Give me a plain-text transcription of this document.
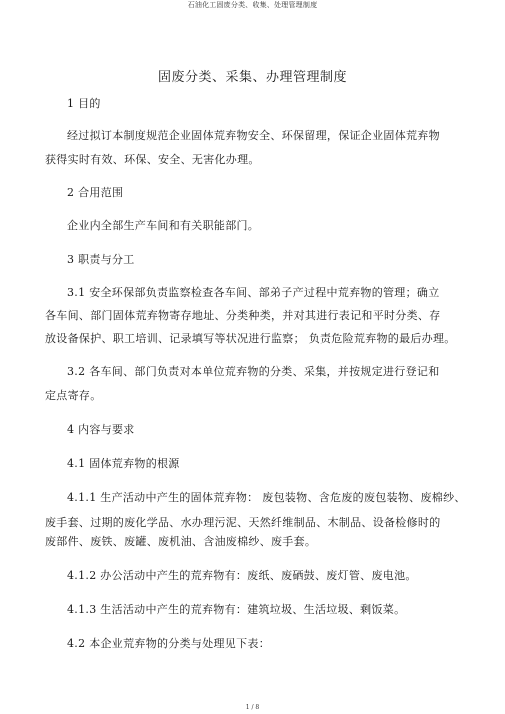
石油化工固废分类、收集、处理管理制度
固废分类、采集、办理管理制度
1 目的
经过拟订本制度规范企业固体荒弃物安全、环保留理，保证企业固体荒弃物
获得实时有效、环保、安全、无害化办理。
2 合用范围
企业内全部生产车间和有关职能部门。
3 职责与分工
3.1 安全环保部负责监察检查各车间、部弟子产过程中荒弃物的管理；确立
各车间、部门固体荒弃物寄存地址、分类种类，并对其进行表记和平时分类、存
放设备保护、职工培训、记录填写等状况进行监察； 负责危险荒弃物的最后办理。
3.2 各车间、部门负责对本单位荒弃物的分类、采集，并按规定进行登记和
定点寄存。
4 内容与要求
4.1 固体荒弃物的根源
4.1.1 生产活动中产生的固体荒弃物： 废包装物、含危废的废包装物、废棉纱、
废手套、过期的废化学品、水办理污泥、天然纤维制品、木制品、设备检修时的
废部件、废铁、废罐、废机油、含油废棉纱、废手套。
4.1.2 办公活动中产生的荒弃物有：废纸、废硒鼓、废灯管、废电池。
4.1.3 生活活动中产生的荒弃物有：建筑垃圾、生活垃圾、剩饭菜。
4.2 本企业荒弃物的分类与处理见下表：
1 / 8
